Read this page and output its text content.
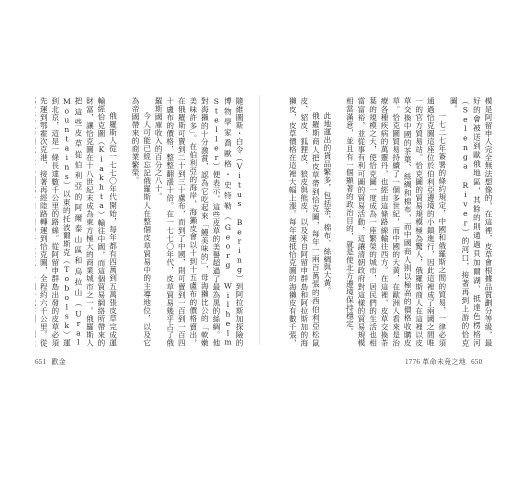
模是阿留申人完全無法想像的，在這裡，皮草會根據品質劃分等級，最好的會被送到歐俄地區，其餘的則通過貝加爾湖、抵達色楞格河（Selenga River）的河口，接著再到上游的恰克圖。

一七二七年簽署的條約規定，中國和俄羅斯之間的貿易，一律必須通過恰克圖這座位於伯利亞邊境的小鎮進行，因此這裡成了兩國之間唯一的官方貿易站。恰克圖的貿易規模極為驚人，俄羅斯商人在這裡以皮草交換中國的茶葉、絲綢和棉布，而中國商人則以極高的價格收購皮草。恰克圖貿易持續了一個多世紀，而中國的大黃，在歐洲人看來是治療各種疾病的萬靈丹，也經由這條路線輸往西方。在這裡，皮草交換茶葉的規模之大，使恰克圖一度成為一座繁榮的城市，居民們的生活也相當富裕，並從事有利可圖的貿易活動，這讓清朝政府對這樣的貿易規模相當滿意，並且有一個顯著的政治目的，就是使北方邊境保持穩定。

此地運出的貨品繁多，包括茶、棉布、絲綢與大黃。

俄羅斯商人把皮草帶到恰克圖，每年一兩百萬張的西伯利亞松鼠皮、貂皮、狐狸皮、狼皮與熊皮，以及來自阿留申群島和阿拉斯加的海獺皮，皮草價格在這裡大幅上漲。每年運抵恰克圖的海獺皮有數千張，

隨維圖斯・白令（Vitus Bering）到阿拉斯加探險的博物學家喬歐格・史特勒（Georg Wilhelm Steller）便表示，這些皮草的美譽超過了最為黑的絲綢。他對海獺的十分激賞，認為它吃起來「鰻美味的」，母海獺比公的「軟嫩美味許多」。在伯利亞的海岸，海獺皮會以十到十五盧布的價格賣出，在俄羅斯可賣到二十到三十盧布，而到了中國，則可賣到一百到一百四十盧布的價格，整整翻漲十倍。在一七七〇年代，皮草貿易幾乎占了俄羅斯國庫收入的百分之八十。

今人可能已經忘記俄羅斯人在整個皮草貿易中的主導地位，以及它為帝國帶來的商業繁榮。

俄羅斯人從一七七〇年代開始，每年都有四萬到五萬張皮草完成運輸經恰克圖（Kiakhta）輸往中國，而這個貿易網絡所帶來的財富，讓恰克圖在十八世紀末成為東方極大的商業城市之一。俄羅斯人把這些皮草從伯利亞的阿爾泰山區和烏拉山（Ural Mountains）以東的托波爾斯克（Tobolsk）運到北京，這是一條長達數千公里的路線。從阿留申群島出發的皮草必須先運到鄂霍次克港，接著再經陸路轉運到恰克圖，全程約六千公里。從

651 歡金	1776 革命未竟之地 650
